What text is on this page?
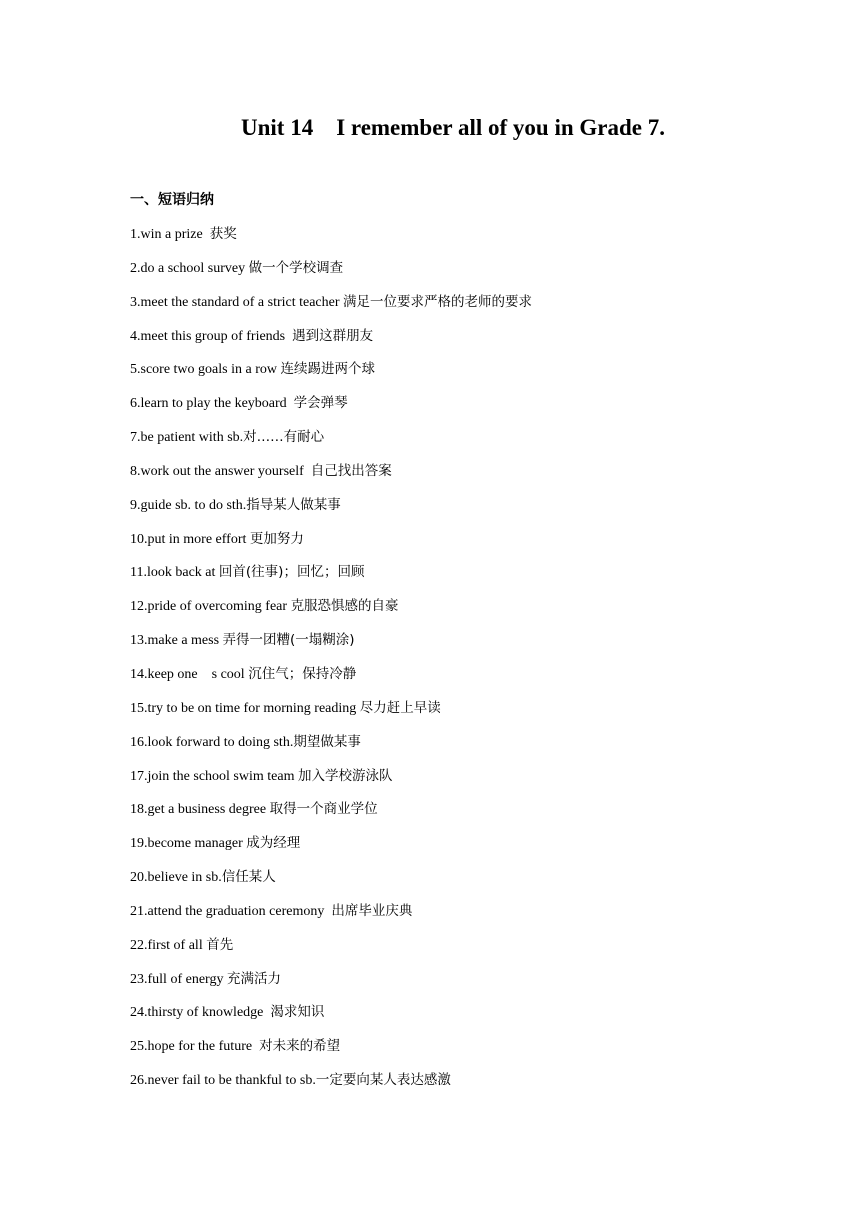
Unit 14    I remember all of you in Grade 7.
一、短语归纳
1.win a prize  获奖
2.do a school survey 做一个学校调查
3.meet the standard of a strict teacher 满足一位要求严格的老师的要求
4.meet this group of friends  遇到这群朋友
5.score two goals in a row 连续踢进两个球
6.learn to play the keyboard  学会弹琴
7.be patient with sb.对……有耐心
8.work out the answer yourself  自己找出答案
9.guide sb. to do sth.指导某人做某事
10.put in more effort 更加努力
11.look back at 回首(往事)；回忆；回顾
12.pride of overcoming fear 克服恐惧感的自豪
13.make a mess 弄得一团糟(一塌糊涂)
14.keep one    s cool 沉住气；保持冷静
15.try to be on time for morning reading 尽力赶上早读
16.look forward to doing sth.期望做某事
17.join the school swim team 加入学校游泳队
18.get a business degree 取得一个商业学位
19.become manager 成为经理
20.believe in sb.信任某人
21.attend the graduation ceremony  出席毕业庆典
22.first of all 首先
23.full of energy 充满活力
24.thirsty of knowledge  渴求知识
25.hope for the future  对未来的希望
26.never fail to be thankful to sb.一定要向某人表达感激
